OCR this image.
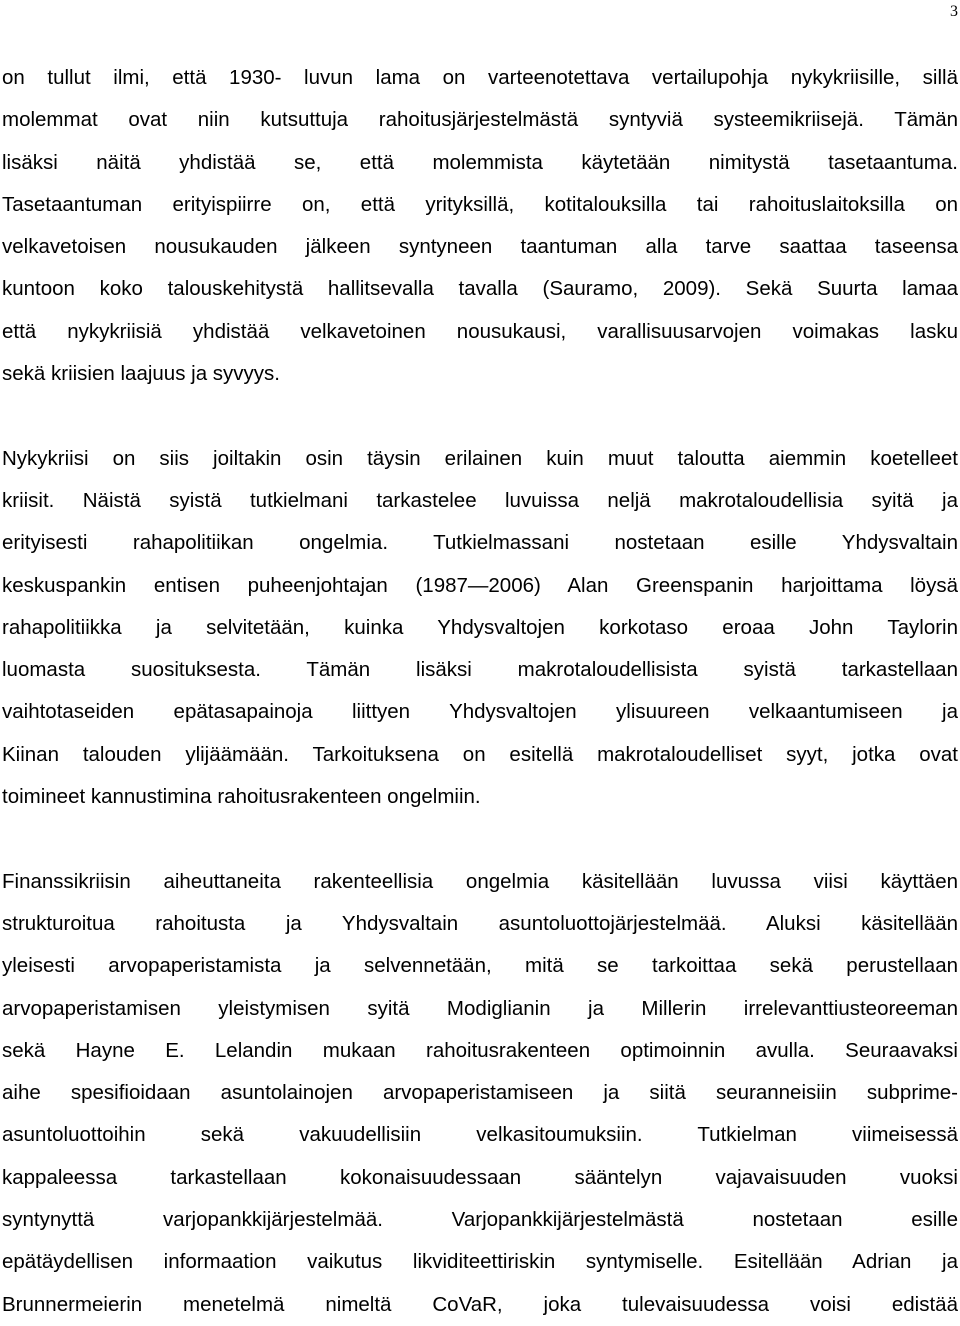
3
on tullut ilmi, että 1930- luvun lama on varteenotettava vertailupohja nykykriisille, sillä
molemmat ovat niin kutsuttuja rahoitusjärjestelmästä syntyviä systeemikriisejä. Tämän
lisäksi näitä yhdistää se, että molemmista käytetään nimitystä tasetaantuma.
Tasetaantuman erityispiirre on, että yrityksillä, kotitalouksilla tai rahoituslaitoksilla on
velkavetoisen nousukauden jälkeen syntyneen taantuman alla tarve saattaa taseensa
kuntoon koko talouskehitystä hallitsevalla tavalla (Sauramo, 2009). Sekä Suurta lamaa
että nykykriisiä yhdistää velkavetoinen nousukausi, varallisuusarvojen voimakas lasku
sekä kriisien laajuus ja syvyys.
Nykykriisi on siis joiltakin osin täysin erilainen kuin muut taloutta aiemmin koetelleet
kriisit. Näistä syistä tutkielmani tarkastelee luvuissa neljä makrotaloudellisia syitä ja
erityisesti rahapolitiikan ongelmia. Tutkielmassani nostetaan esille Yhdysvaltain
keskuspankin entisen puheenjohtajan (1987—2006) Alan Greenspanin harjoittama löysä
rahapolitiikka ja selvitetään, kuinka Yhdysvaltojen korkotaso eroaa John Taylorin
luomasta suosituksesta. Tämän lisäksi makrotaloudellisista syistä tarkastellaan
vaihtotaseiden epätasapainoja liittyen Yhdysvaltojen ylisuureen velkaantumiseen ja
Kiinan talouden ylijäämään. Tarkoituksena on esitellä makrotaloudelliset syyt, jotka ovat
toimineet kannustimina rahoitusrakenteen ongelmiin.
Finanssikriisin aiheuttaneita rakenteellisia ongelmia käsitellään luvussa viisi käyttäen
strukturoitua rahoitusta ja Yhdysvaltain asuntoluottojärjestelmää. Aluksi käsitellään
yleisesti arvopaperistamista ja selvennetään, mitä se tarkoittaa sekä perustellaan
arvopaperistamisen yleistymisen syitä Modiglianin ja Millerin irrelevanttiusteoreeman
sekä Hayne E. Lelandin mukaan rahoitusrakenteen optimoinnin avulla. Seuraavaksi
aihe spesifioidaan asuntolainojen arvopaperistamiseen ja siitä seuranneisiin subprime-
asuntoluottoihin sekä vakuudellisiin velkasitoumuksiin. Tutkielman viimeisessä
kappaleessa tarkastellaan kokonaisuudessaan sääntelyn vajavaisuuden vuoksi
syntynyttä varjopankkijärjestelmää. Varjopankkijärjestelmästä nostetaan esille
epätäydellisen informaation vaikutus likviditeettiriskin syntymiselle. Esitellään Adrian ja
Brunnermeierin menetelmä nimeltä CoVaR, joka tulevaisuudessa voisi edistää
